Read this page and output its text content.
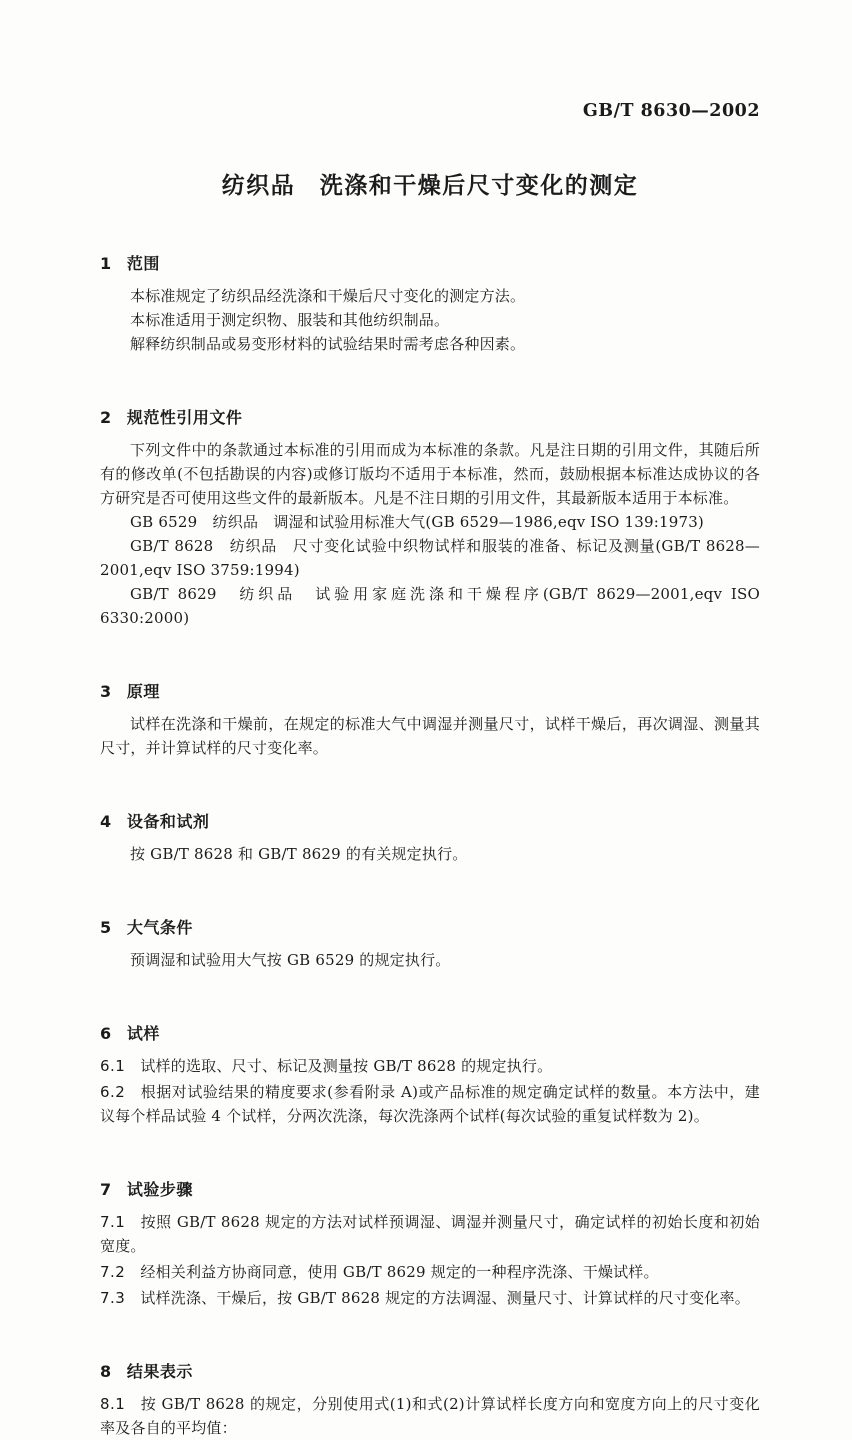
GB/T 8630—2002
纺织品　洗涤和干燥后尺寸变化的测定
1 范围

本标准规定了纺织品经洗涤和干燥后尺寸变化的测定方法。

本标准适用于测定织物、服装和其他纺织制品。

解释纺织制品或易变形材料的试验结果时需考虑各种因素。

2 规范性引用文件

下列文件中的条款通过本标准的引用而成为本标准的条款。凡是注日期的引用文件，其随后所有的修改单(不包括勘误的内容)或修订版均不适用于本标准，然而，鼓励根据本标准达成协议的各方研究是否可使用这些文件的最新版本。凡是不注日期的引用文件，其最新版本适用于本标准。

GB 6529　纺织品　调湿和试验用标准大气(GB 6529—1986,eqv ISO 139:1973)

GB/T 8628　纺织品　尺寸变化试验中织物试样和服装的准备、标记及测量(GB/T 8628—2001,eqv ISO 3759:1994)

GB/T 8629　纺织品　试验用家庭洗涤和干燥程序(GB/T 8629—2001,eqv ISO 6330:2000)

3 原理

试样在洗涤和干燥前，在规定的标准大气中调湿并测量尺寸，试样干燥后，再次调湿、测量其尺寸，并计算试样的尺寸变化率。

4 设备和试剂

按 GB/T 8628 和 GB/T 8629 的有关规定执行。

5 大气条件

预调湿和试验用大气按 GB 6529 的规定执行。

6 试样

6.1 试样的选取、尺寸、标记及测量按 GB/T 8628 的规定执行。

6.2 根据对试验结果的精度要求(参看附录 A)或产品标准的规定确定试样的数量。本方法中，建议每个样品试验 4 个试样，分两次洗涤，每次洗涤两个试样(每次试验的重复试样数为 2)。

7 试验步骤

7.1 按照 GB/T 8628 规定的方法对试样预调湿、调湿并测量尺寸，确定试样的初始长度和初始宽度。

7.2 经相关利益方协商同意，使用 GB/T 8629 规定的一种程序洗涤、干燥试样。

7.3 试样洗涤、干燥后，按 GB/T 8628 规定的方法调湿、测量尺寸、计算试样的尺寸变化率。

8 结果表示

8.1 按 GB/T 8628 的规定，分别使用式(1)和式(2)计算试样长度方向和宽度方向上的尺寸变化率及各自的平均值：
